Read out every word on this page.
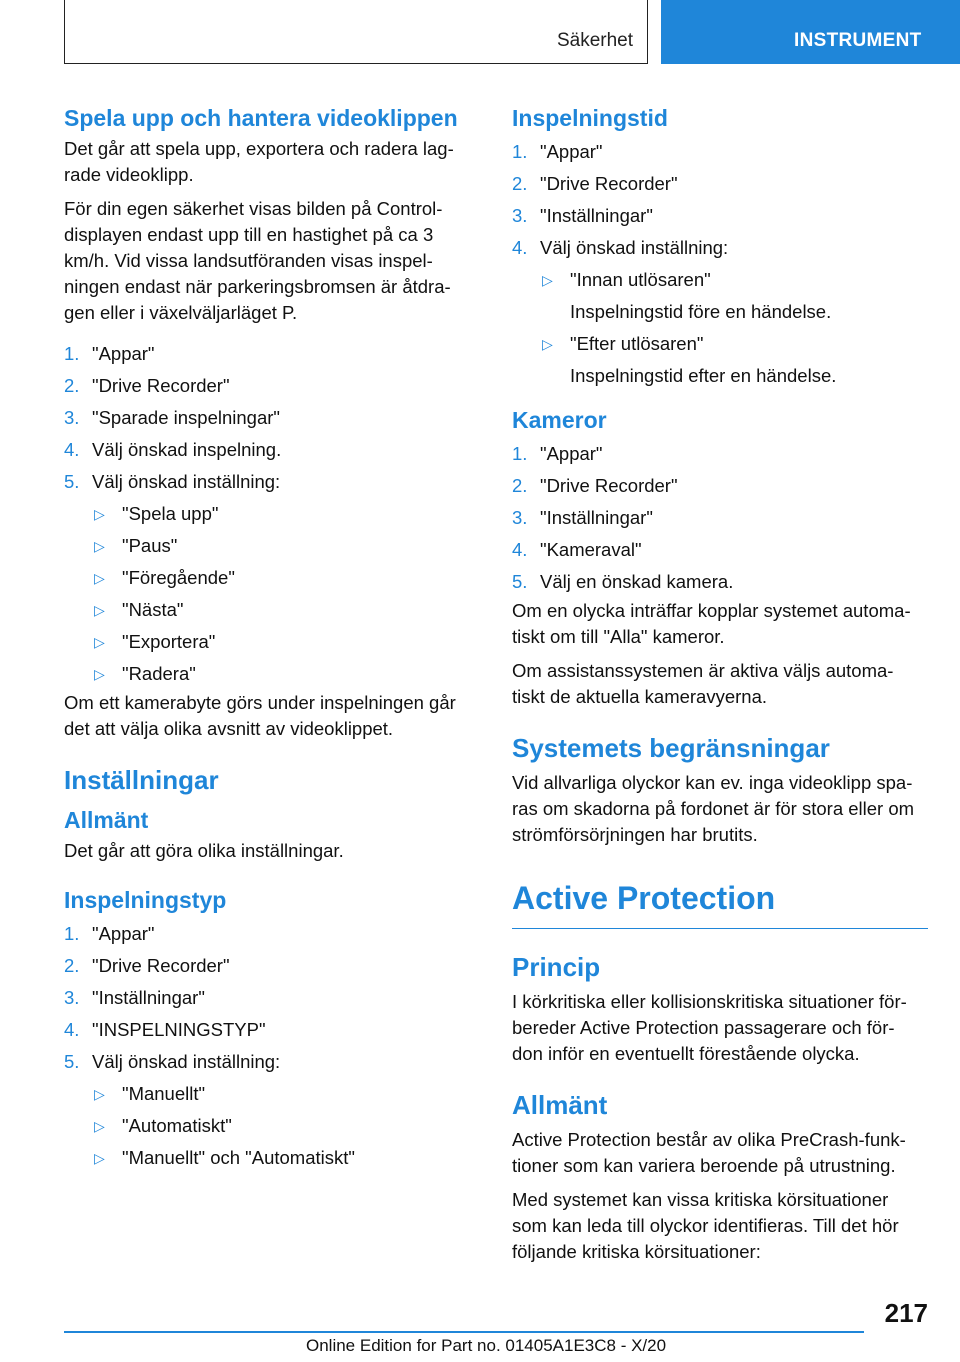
Säkerhet	INSTRUMENT
Spela upp och hantera videoklippen

Det går att spela upp, exportera och radera lag‐ rade videoklipp.

För din egen säkerhet visas bilden på Control‐ displayen endast upp till en hastighet på ca 3 km/h. Vid vissa landsutföranden visas inspel‐ ningen endast när parkeringsbromsen är åtdra‐ gen eller i växelväljarläget P.

1. "Appar"
2. "Drive Recorder"
3. "Sparade inspelningar"
4. Välj önskad inspelning.
5. Välj önskad inställning:
▷ "Spela upp"
▷ "Paus"
▷ "Föregående"
▷ "Nästa"
▷ "Exportera"
▷ "Radera"

Om ett kamerabyte görs under inspelningen går det att välja olika avsnitt av videoklippet.

Inställningar
Allmänt

Det går att göra olika inställningar.

Inspelningstyp
1. "Appar"
2. "Drive Recorder"
3. "Inställningar"
4. "INSPELNINGSTYP"
5. Välj önskad inställning:
▷ "Manuellt"
▷ "Automatiskt"
▷ "Manuellt" och "Automatiskt"
Inspelningstid
1. "Appar"
2. "Drive Recorder"
3. "Inställningar"
4. Välj önskad inställning:
▷ "Innan utlösaren"
Inspelningstid före en händelse.
▷ "Efter utlösaren"
Inspelningstid efter en händelse.
Kameror
1. "Appar"
2. "Drive Recorder"
3. "Inställningar"
4. "Kameraval"
5. Välj en önskad kamera.

Om en olycka inträffar kopplar systemet automa‐ tiskt om till "Alla" kameror.

Om assistanssystemen är aktiva väljs automa‐ tiskt de aktuella kameravyerna.

Systemets begränsningar

Vid allvarliga olyckor kan ev. inga videoklipp spa‐ ras om skadorna på fordonet är för stora eller om strömförsörjningen har brutits.

Active Protection
Princip

I körkritiska eller kollisionskritiska situationer för‐ bereder Active Protection passagerare och för‐ don inför en eventuellt förestående olycka.

Allmänt

Active Protection består av olika PreCrash-funk‐ tioner som kan variera beroende på utrustning.

Med systemet kan vissa kritiska körsituationer som kan leda till olyckor identifieras. Till det hör följande kritiska körsituationer:

217
Online Edition for Part no. 01405A1E3C8 - X/20
